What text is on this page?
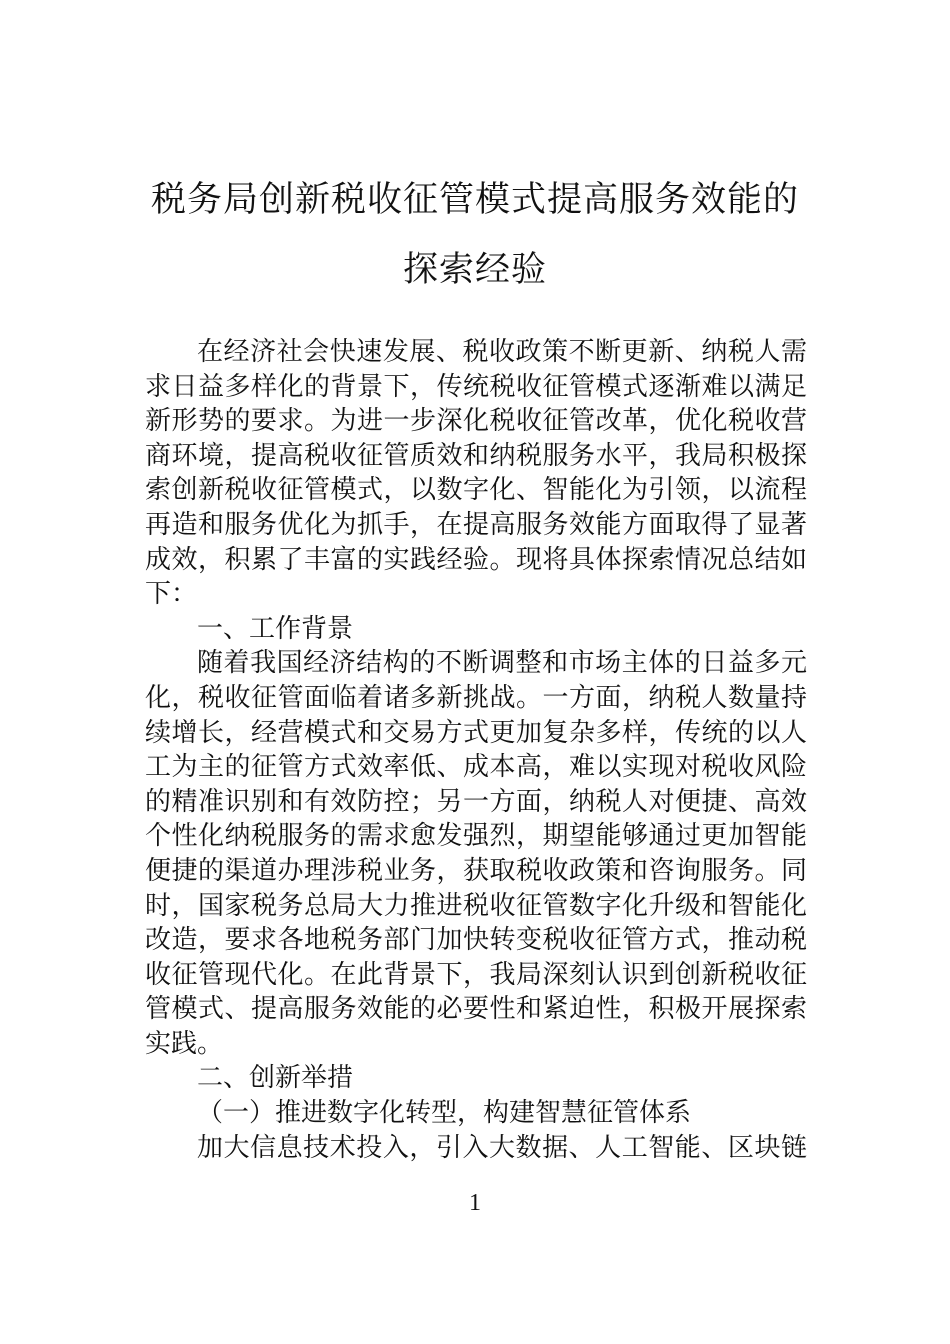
税务局创新税收征管模式提高服务效能的
探索经验
在经济社会快速发展、税收政策不断更新、纳税人需
求日益多样化的背景下，传统税收征管模式逐渐难以满足
新形势的要求。为进一步深化税收征管改革，优化税收营
商环境，提高税收征管质效和纳税服务水平，我局积极探
索创新税收征管模式，以数字化、智能化为引领，以流程
再造和服务优化为抓手，在提高服务效能方面取得了显著
成效，积累了丰富的实践经验。现将具体探索情况总结如
下：
一、工作背景
随着我国经济结构的不断调整和市场主体的日益多元
化，税收征管面临着诸多新挑战。一方面，纳税人数量持
续增长，经营模式和交易方式更加复杂多样，传统的以人
工为主的征管方式效率低、成本高，难以实现对税收风险
的精准识别和有效防控；另一方面，纳税人对便捷、高效
个性化纳税服务的需求愈发强烈，期望能够通过更加智能
便捷的渠道办理涉税业务，获取税收政策和咨询服务。同
时，国家税务总局大力推进税收征管数字化升级和智能化
改造，要求各地税务部门加快转变税收征管方式，推动税
收征管现代化。在此背景下，我局深刻认识到创新税收征
管模式、提高服务效能的必要性和紧迫性，积极开展探索
实践。
二、创新举措
（一）推进数字化转型，构建智慧征管体系
加大信息技术投入，引入大数据、人工智能、区块链
1
